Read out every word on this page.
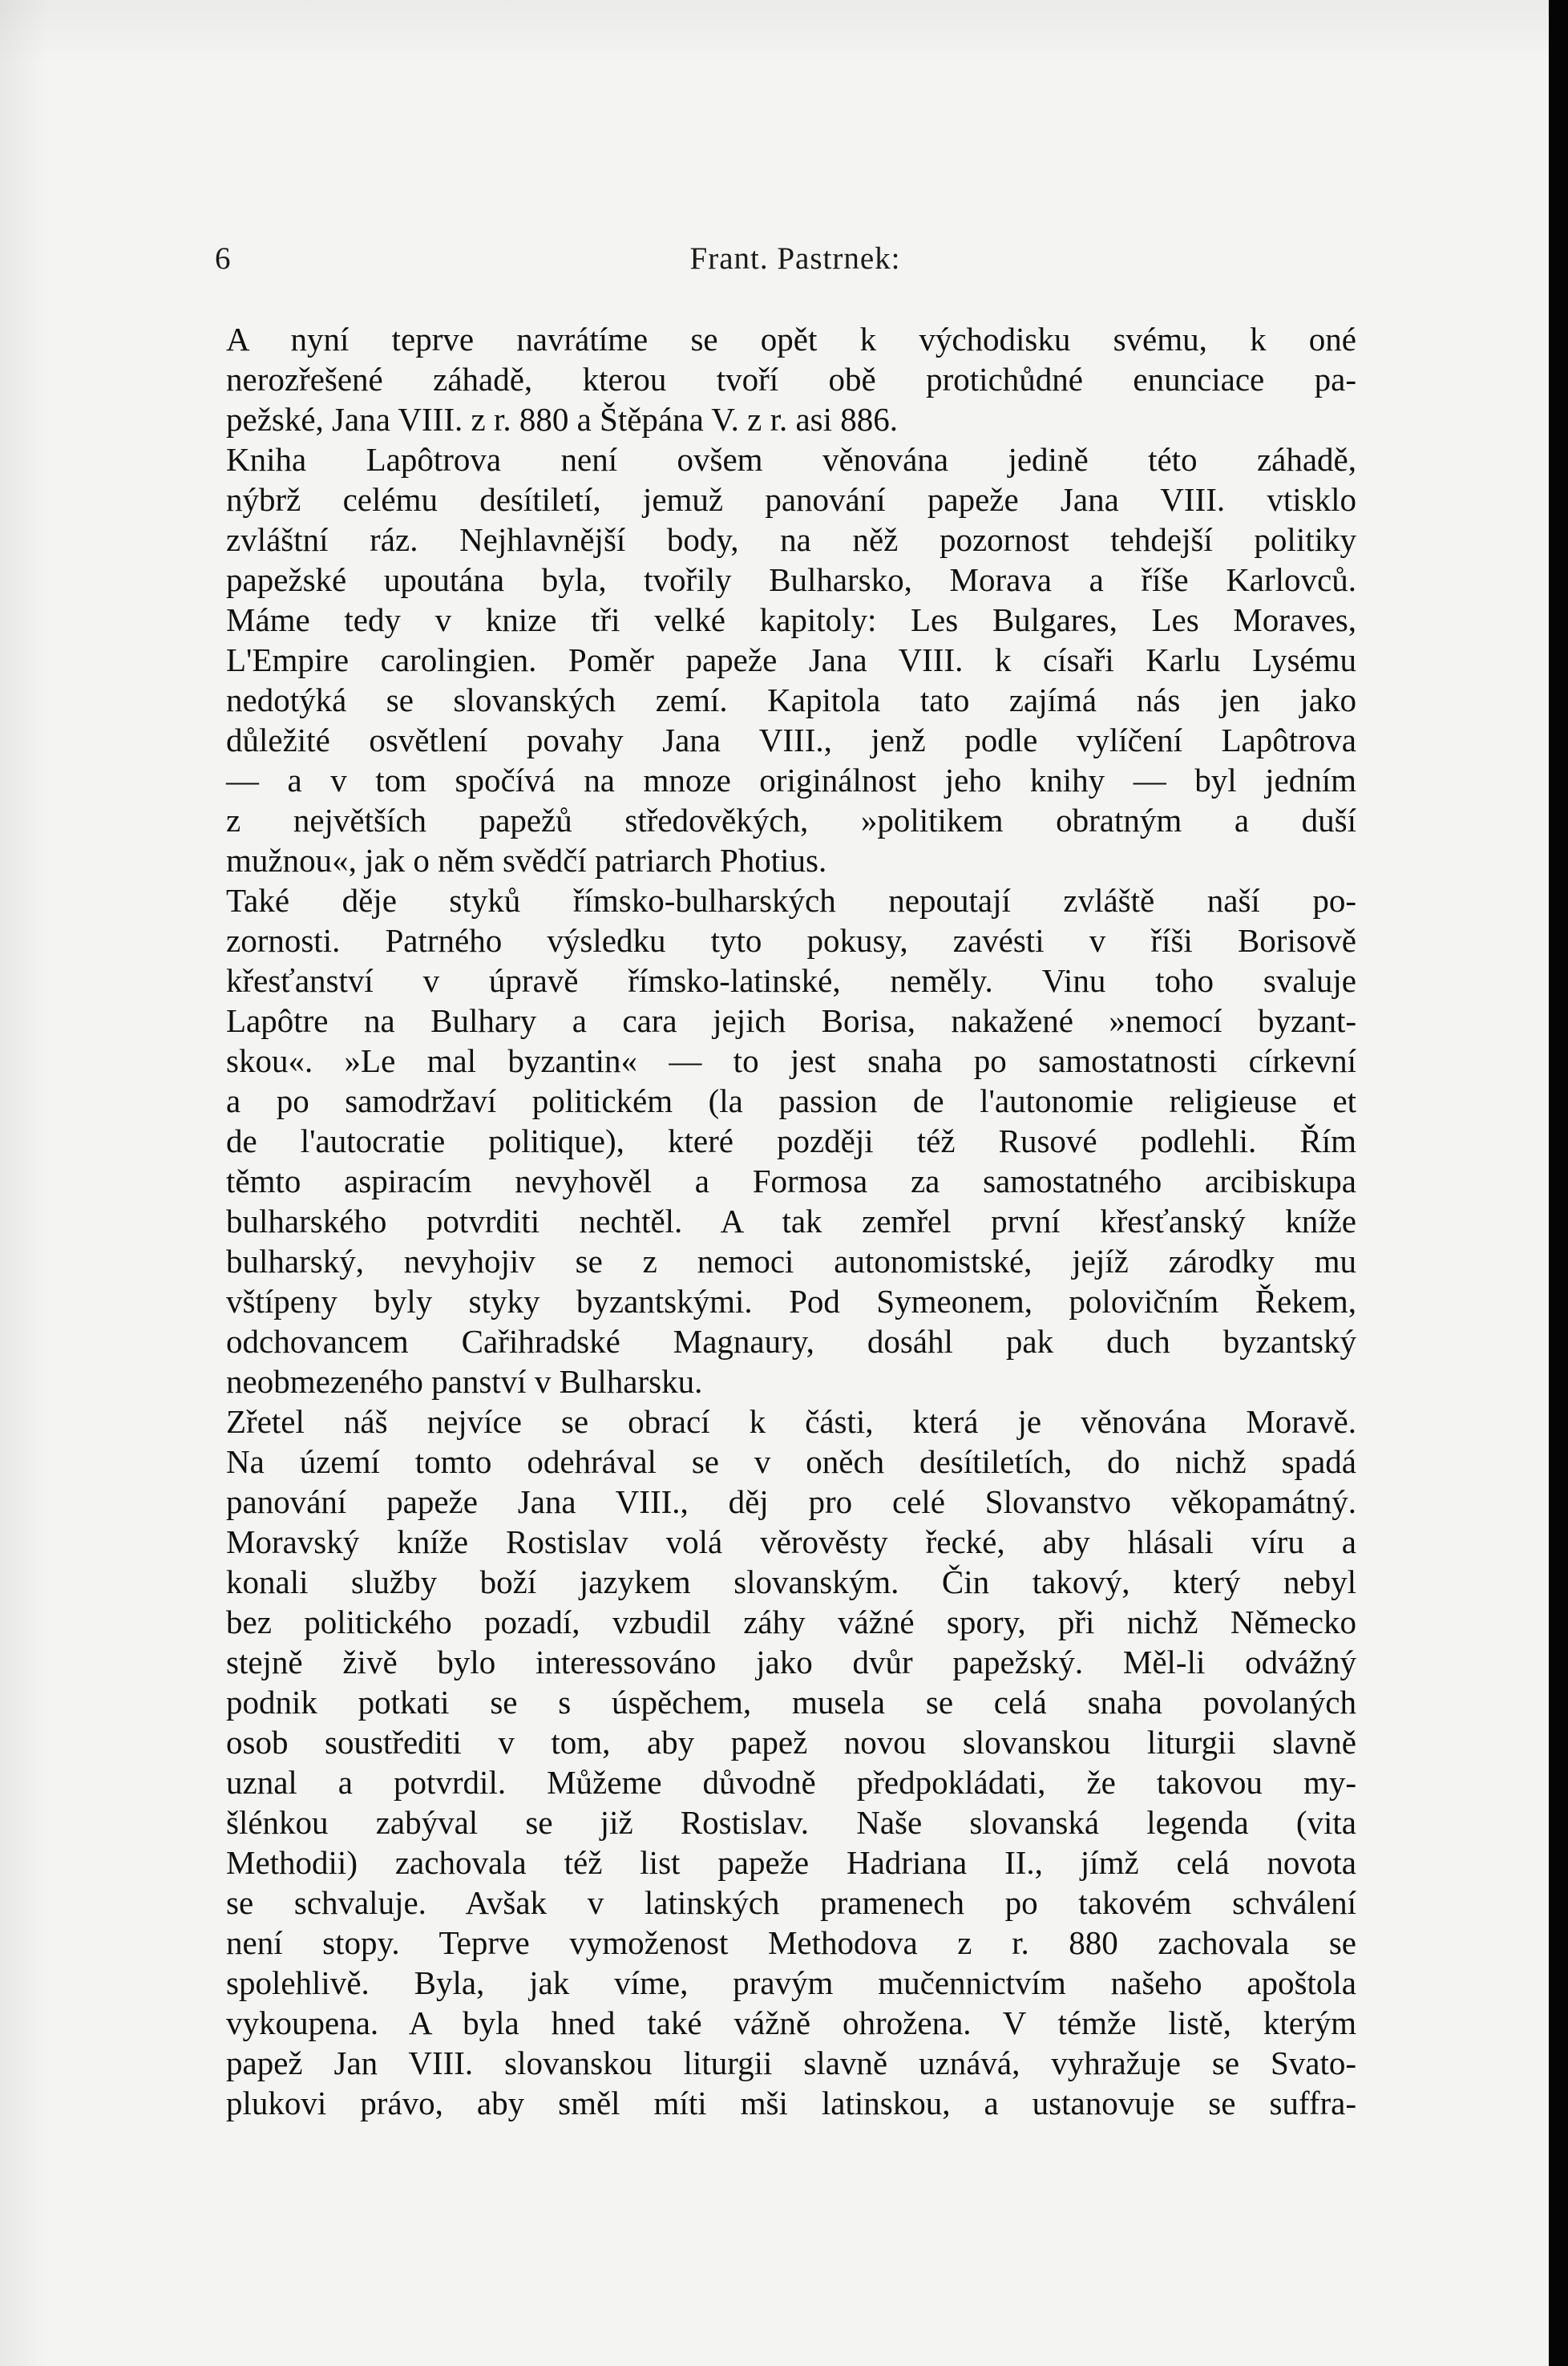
6	Frant. Pastrnek:
A nyní teprve navrátíme se opět k východisku svému, k oné
nerozřešené záhadě, kterou tvoří obě protichůdné enunciace pa-
pežské, Jana VIII. z r. 880 a Štěpána V. z r. asi 886.
Kniha Lapôtrova není ovšem věnována jedině této záhadě,
nýbrž celému desítiletí, jemuž panování papeže Jana VIII. vtisklo
zvláštní ráz. Nejhlavnější body, na něž pozornost tehdejší politiky
papežské upoutána byla, tvořily Bulharsko, Morava a říše Karlovců.
Máme tedy v knize tři velké kapitoly: Les Bulgares, Les Moraves,
L'Empire carolingien. Poměr papeže Jana VIII. k císaři Karlu Lysému
nedotýká se slovanských zemí. Kapitola tato zajímá nás jen jako
důležité osvětlení povahy Jana VIII., jenž podle vylíčení Lapôtrova
— a v tom spočívá na mnoze originálnost jeho knihy — byl jedním
z největších papežů středověkých, »politikem obratným a duší
mužnou«, jak o něm svědčí patriarch Photius.
Také děje styků římsko-bulharských nepoutají zvláště naší po-
zornosti. Patrného výsledku tyto pokusy, zavésti v říši Borisově
křesťanství v úpravě římsko-latinské, neměly. Vinu toho svaluje
Lapôtre na Bulhary a cara jejich Borisa, nakažené »nemocí byzant-
skou«. »Le mal byzantin« — to jest snaha po samostatnosti církevní
a po samodržaví politickém (la passion de l'autonomie religieuse et
de l'autocratie politique), které později též Rusové podlehli. Řím
těmto aspiracím nevyhověl a Formosa za samostatného arcibiskupa
bulharského potvrditi nechtěl. A tak zemřel první křesťanský kníže
bulharský, nevyhojiv se z nemoci autonomistské, jejíž zárodky mu
vštípeny byly styky byzantskými. Pod Symeonem, polovičním Řekem,
odchovancem Cařihradské Magnaury, dosáhl pak duch byzantský
neobmezeného panství v Bulharsku.
Zřetel náš nejvíce se obrací k části, která je věnována Moravě.
Na území tomto odehrával se v oněch desítiletích, do nichž spadá
panování papeže Jana VIII., děj pro celé Slovanstvo věkopamátný.
Moravský kníže Rostislav volá věrověsty řecké, aby hlásali víru a
konali služby boží jazykem slovanským. Čin takový, který nebyl
bez politického pozadí, vzbudil záhy vážné spory, při nichž Německo
stejně živě bylo interessováno jako dvůr papežský. Měl-li odvážný
podnik potkati se s úspěchem, musela se celá snaha povolaných
osob soustřediti v tom, aby papež novou slovanskou liturgii slavně
uznal a potvrdil. Můžeme důvodně předpokládati, že takovou my-
šlénkou zabýval se již Rostislav. Naše slovanská legenda (vita
Methodii) zachovala též list papeže Hadriana II., jímž celá novota
se schvaluje. Avšak v latinských pramenech po takovém schválení
není stopy. Teprve vymoženost Methodova z r. 880 zachovala se
spolehlivě. Byla, jak víme, pravým mučennictvím našeho apoštola
vykoupena. A byla hned také vážně ohrožena. V témže listě, kterým
papež Jan VIII. slovanskou liturgii slavně uznává, vyhražuje se Svato-
plukovi právo, aby směl míti mši latinskou, a ustanovuje se suffra-
